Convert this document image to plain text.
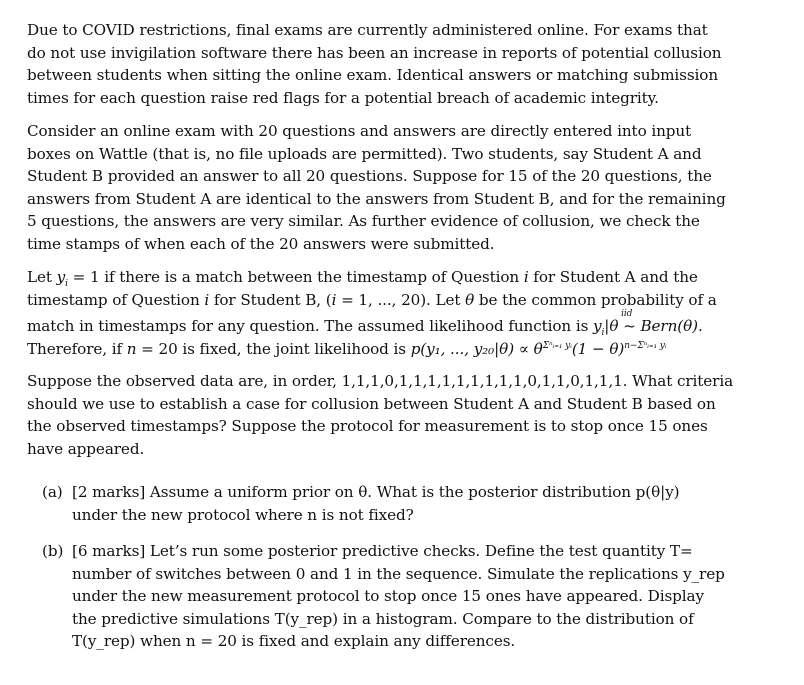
Due to COVID restrictions, final exams are currently administered online. For exams that
do not use invigilation software there has been an increase in reports of potential collusion
between students when sitting the online exam. Identical answers or matching submission
times for each question raise red flags for a potential breach of academic integrity.
Consider an online exam with 20 questions and answers are directly entered into input
boxes on Wattle (that is, no file uploads are permitted). Two students, say Student A and
Student B provided an answer to all 20 questions. Suppose for 15 of the 20 questions, the
answers from Student A are identical to the answers from Student B, and for the remaining
5 questions, the answers are very similar. As further evidence of collusion, we check the
time stamps of when each of the 20 answers were submitted.
Let $y_i = 1$ if there is a match between the timestamp of Question i for Student A and the
timestamp of Question i for Student B, (i = 1, ..., 20). Let θ be the common probability of a
match in timestamps for any question. The assumed likelihood function is $y_i|\theta$
iid
~ Bern(θ).
Therefore, if n = 20 is fixed, the joint likelihood is p(y₁, ..., $y_{20}|\theta) \propto \theta^{\Sigma^nᵢ_{=1} yᵢ}(1 - \theta)^{n-\Sigma^nᵢ_{=1} yᵢ}$
Suppose the observed data are, in order, 1,1,1,0,1,1,1,1,1,1,1,1,1,0,1,1,0,1,1,1. What criteria
should we use to establish a case for collusion between Student A and Student B based on
the observed timestamps? Suppose the protocol for measurement is to stop once 15 ones
have appeared.
(a) [2 marks] Assume a uniform prior on θ. What is the posterior distribution p(θ|y)
under the new protocol where n is not fixed?
(b) [6 marks] Let’s run some posterior predictive checks. Define the test quantity T=
number of switches between 0 and 1 in the sequence. Simulate the replications y_rep
under the new measurement protocol to stop once 15 ones have appeared. Display
the predictive simulations T(y_rep) in a histogram. Compare to the distribution of
T(y_rep) when n = 20 is fixed and explain any differences.
